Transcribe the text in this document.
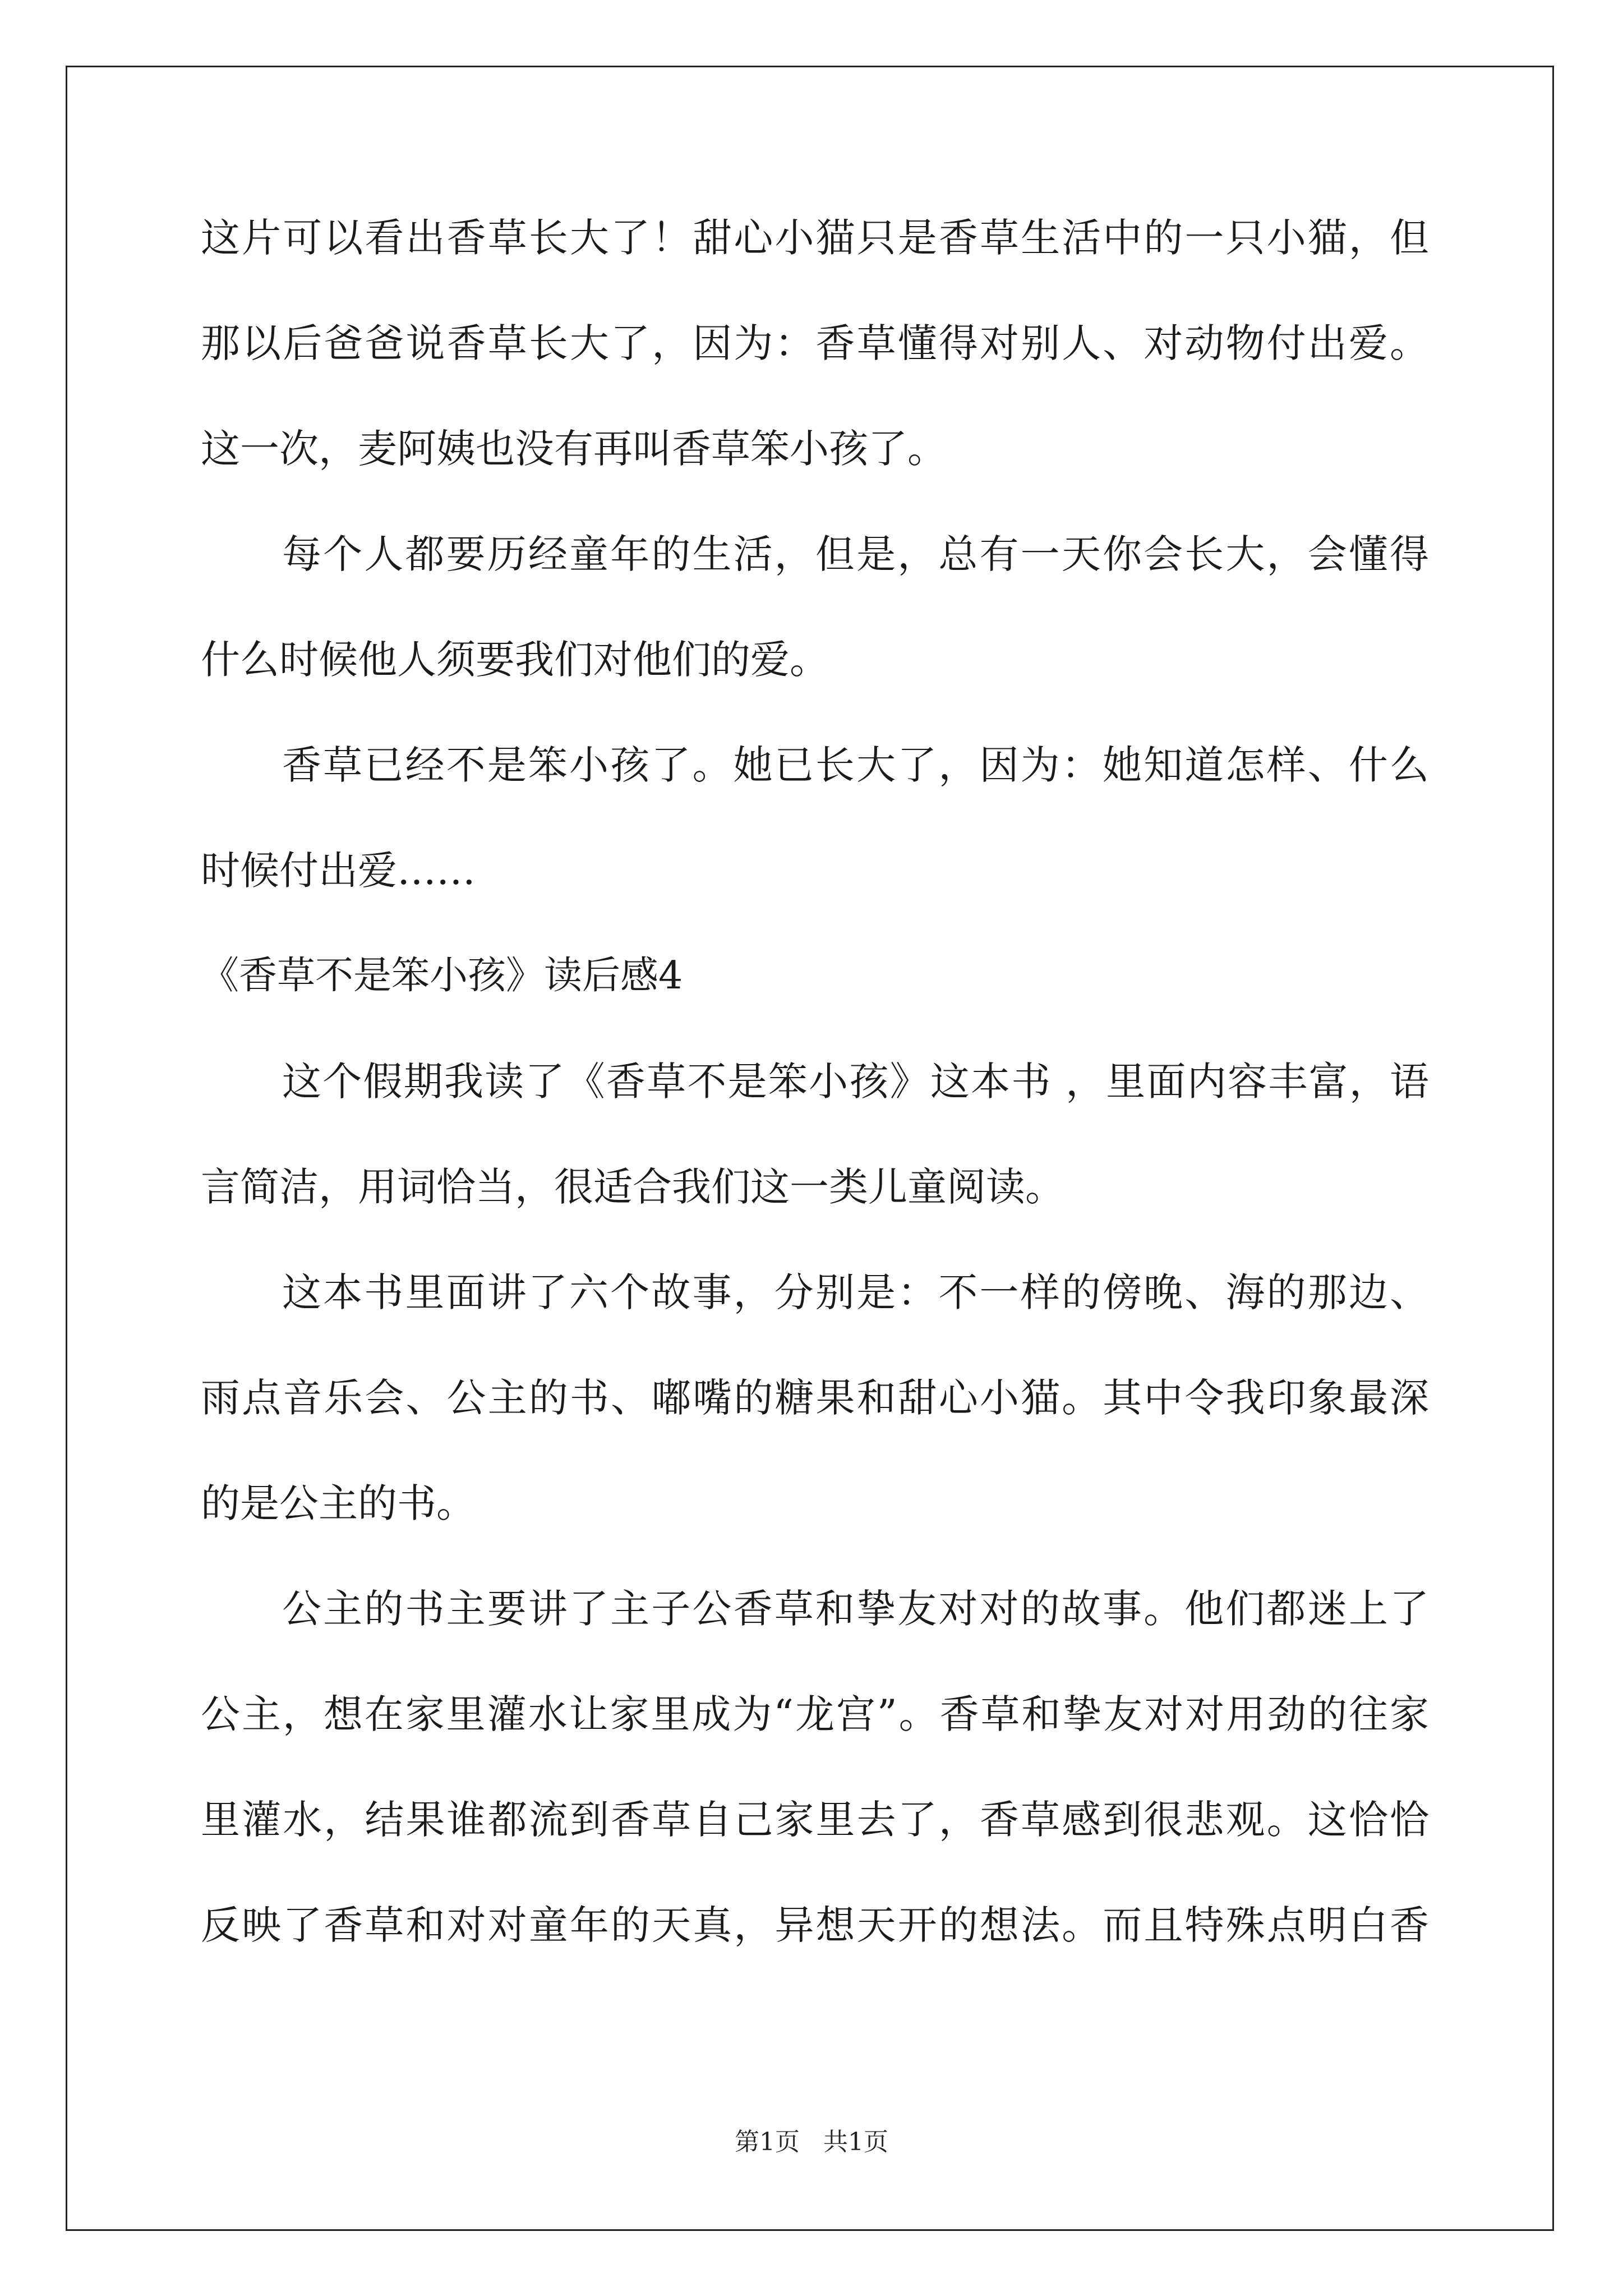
这片可以看出香草长大了！甜心小猫只是香草生活中的一只小猫，但
那以后爸爸说香草长大了，因为：香草懂得对别人、对动物付出爱。
这一次，麦阿姨也没有再叫香草笨小孩了。
每个人都要历经童年的生活，但是，总有一天你会长大，会懂得
什么时候他人须要我们对他们的爱。
香草已经不是笨小孩了。她已长大了，因为：她知道怎样、什么
时候付出爱……
《香草不是笨小孩》读后感4
这个假期我读了《香草不是笨小孩》这本书 ，里面内容丰富，语
言简洁，用词恰当，很适合我们这一类儿童阅读。
这本书里面讲了六个故事，分别是：不一样的傍晚、海的那边、
雨点音乐会、公主的书、嘟嘴的糖果和甜心小猫。其中令我印象最深
的是公主的书。
公主的书主要讲了主子公香草和挚友对对的故事。他们都迷上了
公主，想在家里灌水让家里成为“龙宫”。香草和挚友对对用劲的往家
里灌水，结果谁都流到香草自己家里去了，香草感到很悲观。这恰恰
反映了香草和对对童年的天真，异想天开的想法。而且特殊点明白香
第1页   共1页
